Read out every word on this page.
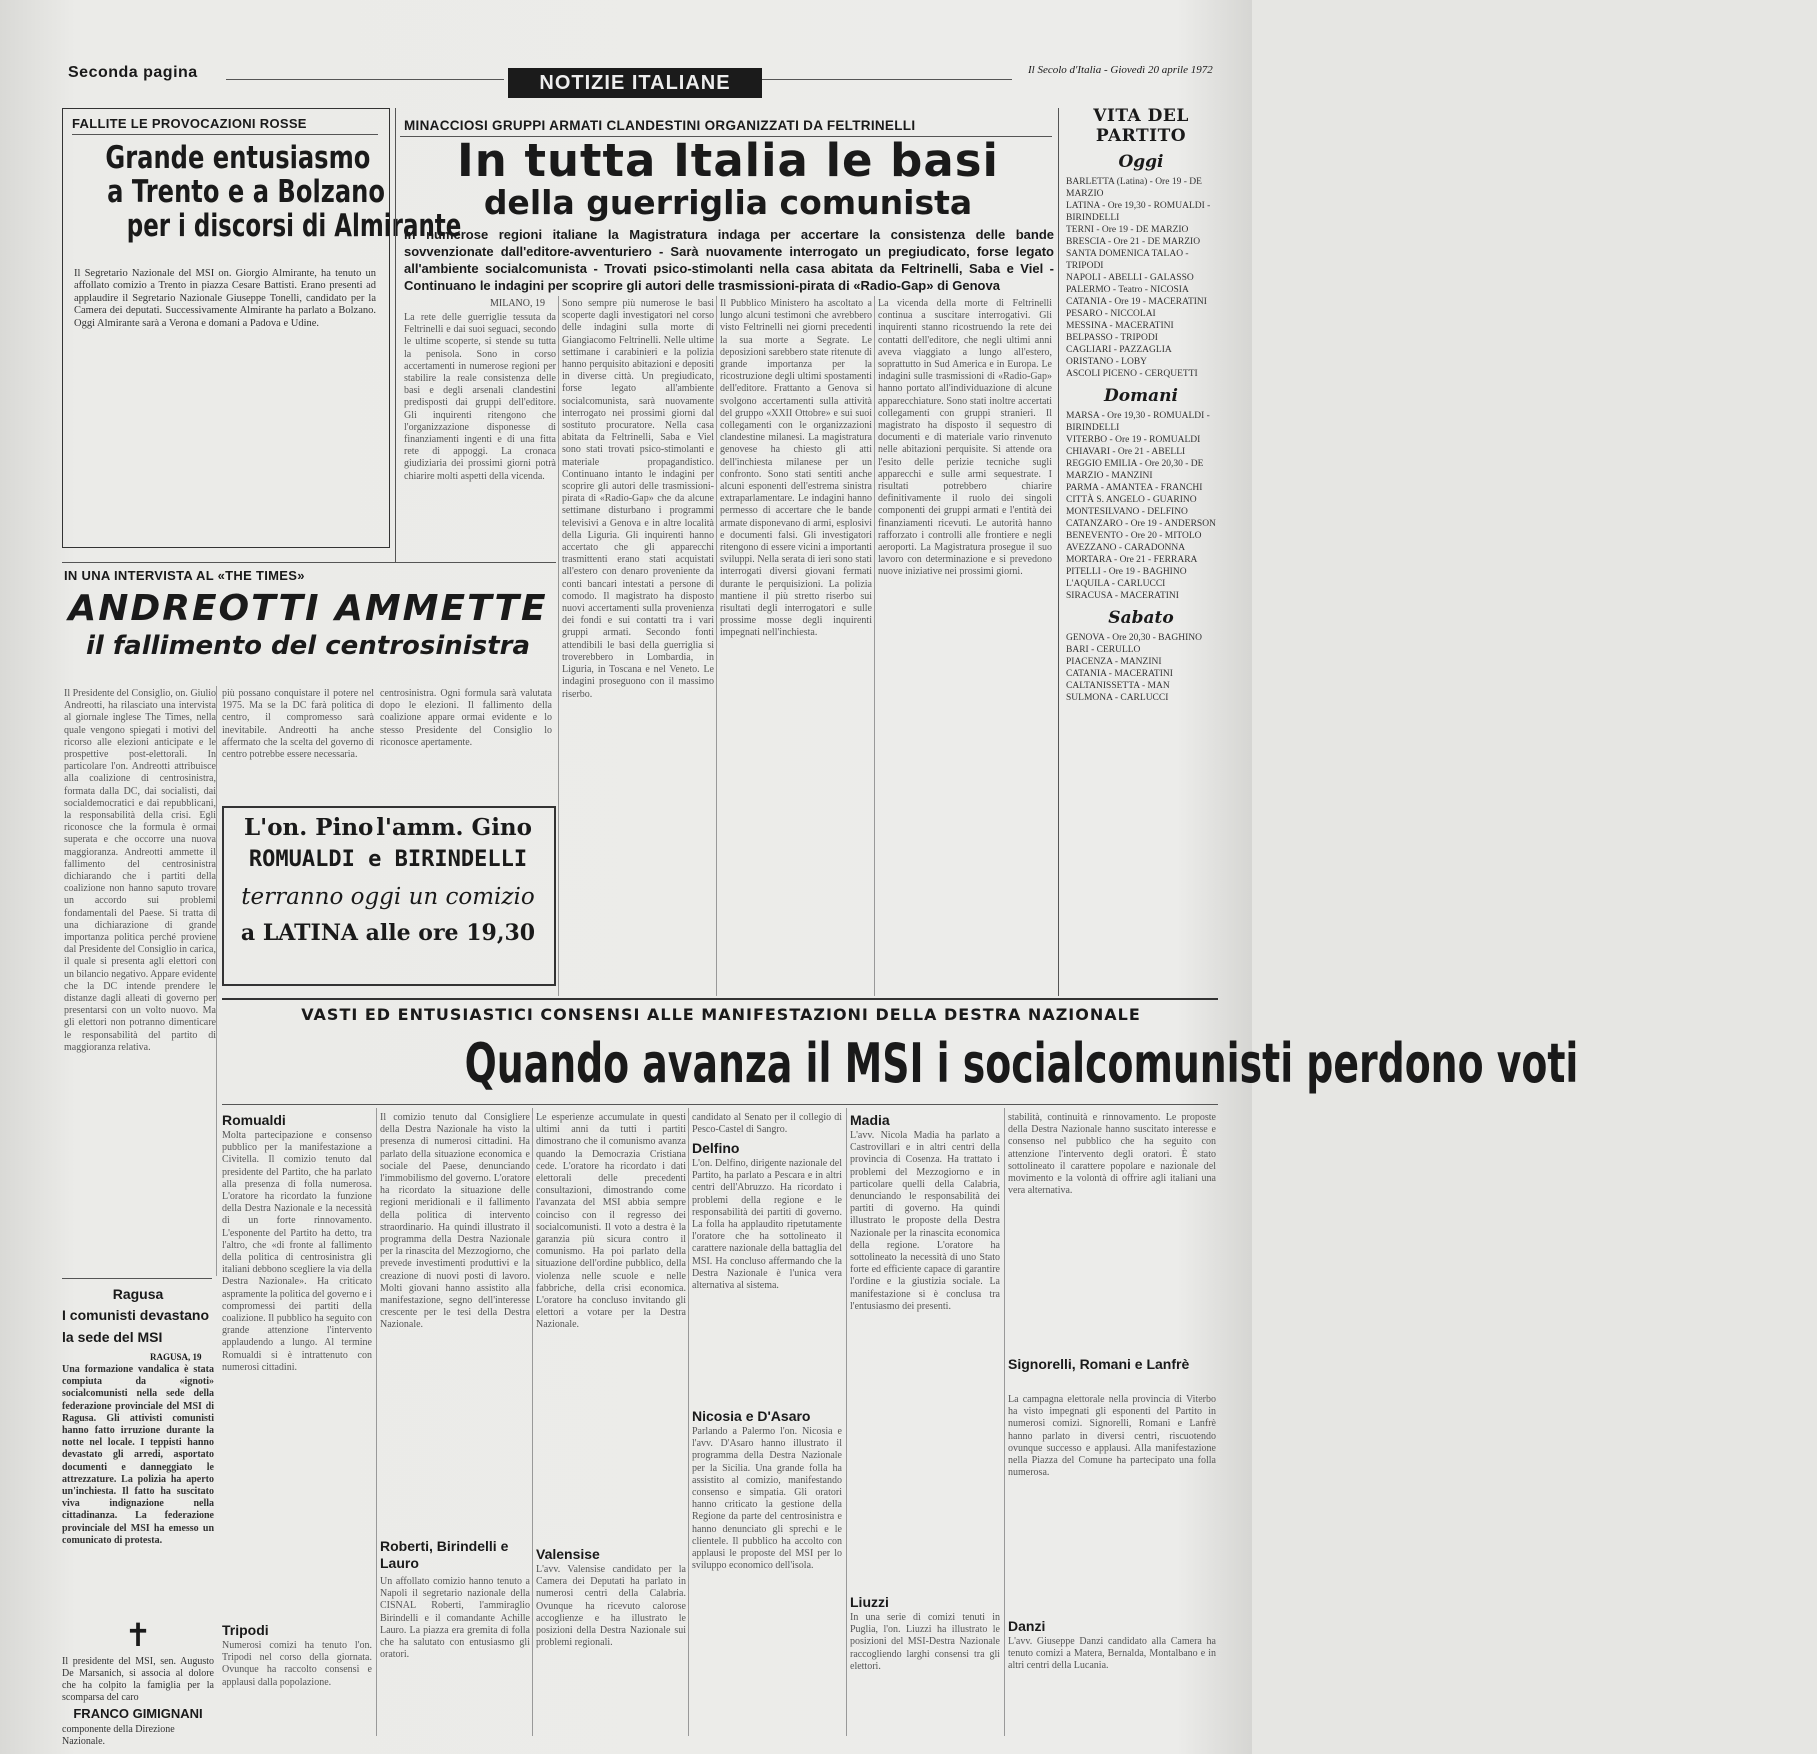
Seconda pagina	NOTIZIE ITALIANE
Il Secolo d'Italia - Giovedì 20 aprile 1972
FALLITE LE PROVOCAZIONI ROSSE
Grande entusiasmo
a Trento e a Bolzano
per i discorsi di Almirante
Il Segretario Nazionale del MSI on. Giorgio Almirante, ha tenuto un affollato comizio a Trento in piazza Cesare Battisti. Erano presenti ad applaudire il Segretario Nazionale Giuseppe Tonelli, candidato per la Camera dei deputati. Successivamente Almirante ha parlato a Bolzano. Oggi Almirante sarà a Verona e domani a Padova e Udine.
MINACCIOSI GRUPPI ARMATI CLANDESTINI ORGANIZZATI DA FELTRINELLI
In tutta Italia le basi
della guerriglia comunista
In numerose regioni italiane la Magistratura indaga per accertare la consistenza delle bande sovvenzionate dall'editore-avventuriero - Sarà nuovamente interrogato un pregiudicato, forse legato all'ambiente socialcomunista - Trovati psico-stimolanti nella casa abitata da Feltrinelli, Saba e Viel - Continuano le indagini per scoprire gli autori delle trasmissioni-pirata di «Radio-Gap» di Genova
MILANO, 19
La rete delle guerriglie tessuta da Feltrinelli e dai suoi seguaci, secondo le ultime scoperte, si stende su tutta la penisola. Sono in corso accertamenti in numerose regioni per stabilire la reale consistenza delle basi e degli arsenali clandestini predisposti dai gruppi dell'editore. Gli inquirenti ritengono che l'organizzazione disponesse di finanziamenti ingenti e di una fitta rete di appoggi. La cronaca giudiziaria dei prossimi giorni potrà chiarire molti aspetti della vicenda.
Sono sempre più numerose le basi scoperte dagli investigatori nel corso delle indagini sulla morte di Giangiacomo Feltrinelli. Nelle ultime settimane i carabinieri e la polizia hanno perquisito abitazioni e depositi in diverse città. Un pregiudicato, forse legato all'ambiente socialcomunista, sarà nuovamente interrogato nei prossimi giorni dal sostituto procuratore. Nella casa abitata da Feltrinelli, Saba e Viel sono stati trovati psico-stimolanti e materiale propagandistico. Continuano intanto le indagini per scoprire gli autori delle trasmissioni-pirata di «Radio-Gap» che da alcune settimane disturbano i programmi televisivi a Genova e in altre località della Liguria. Gli inquirenti hanno accertato che gli apparecchi trasmittenti erano stati acquistati all'estero con denaro proveniente da conti bancari intestati a persone di comodo. Il magistrato ha disposto nuovi accertamenti sulla provenienza dei fondi e sui contatti tra i vari gruppi armati. Secondo fonti attendibili le basi della guerriglia si troverebbero in Lombardia, in Liguria, in Toscana e nel Veneto. Le indagini proseguono con il massimo riserbo.
Il Pubblico Ministero ha ascoltato a lungo alcuni testimoni che avrebbero visto Feltrinelli nei giorni precedenti la sua morte a Segrate. Le deposizioni sarebbero state ritenute di grande importanza per la ricostruzione degli ultimi spostamenti dell'editore. Frattanto a Genova si svolgono accertamenti sulla attività del gruppo «XXII Ottobre» e sui suoi collegamenti con le organizzazioni clandestine milanesi. La magistratura genovese ha chiesto gli atti dell'inchiesta milanese per un confronto. Sono stati sentiti anche alcuni esponenti dell'estrema sinistra extraparlamentare. Le indagini hanno permesso di accertare che le bande armate disponevano di armi, esplosivi e documenti falsi. Gli investigatori ritengono di essere vicini a importanti sviluppi. Nella serata di ieri sono stati interrogati diversi giovani fermati durante le perquisizioni. La polizia mantiene il più stretto riserbo sui risultati degli interrogatori e sulle prossime mosse degli inquirenti impegnati nell'inchiesta.
La vicenda della morte di Feltrinelli continua a suscitare interrogativi. Gli inquirenti stanno ricostruendo la rete dei contatti dell'editore, che negli ultimi anni aveva viaggiato a lungo all'estero, soprattutto in Sud America e in Europa. Le indagini sulle trasmissioni di «Radio-Gap» hanno portato all'individuazione di alcune apparecchiature. Sono stati inoltre accertati collegamenti con gruppi stranieri. Il magistrato ha disposto il sequestro di documenti e di materiale vario rinvenuto nelle abitazioni perquisite. Si attende ora l'esito delle perizie tecniche sugli apparecchi e sulle armi sequestrate. I risultati potrebbero chiarire definitivamente il ruolo dei singoli componenti dei gruppi armati e l'entità dei finanziamenti ricevuti. Le autorità hanno rafforzato i controlli alle frontiere e negli aeroporti. La Magistratura prosegue il suo lavoro con determinazione e si prevedono nuove iniziative nei prossimi giorni.
IN UNA INTERVISTA AL «THE TIMES»
ANDREOTTI AMMETTE
il fallimento del centrosinistra
Il Presidente del Consiglio, on. Giulio Andreotti, ha rilasciato una intervista al giornale inglese The Times, nella quale vengono spiegati i motivi del ricorso alle elezioni anticipate e le prospettive post-elettorali. In particolare l'on. Andreotti attribuisce alla coalizione di centrosinistra, formata dalla DC, dai socialisti, dai socialdemocratici e dai repubblicani, la responsabilità della crisi. Egli riconosce che la formula è ormai superata e che occorre una nuova maggioranza. Andreotti ammette il fallimento del centrosinistra dichiarando che i partiti della coalizione non hanno saputo trovare un accordo sui problemi fondamentali del Paese. Si tratta di una dichiarazione di grande importanza politica perché proviene dal Presidente del Consiglio in carica, il quale si presenta agli elettori con un bilancio negativo. Appare evidente che la DC intende prendere le distanze dagli alleati di governo per presentarsi con un volto nuovo. Ma gli elettori non potranno dimenticare le responsabilità del partito di maggioranza relativa.
più possano conquistare il potere nel 1975. Ma se la DC farà politica di centro, il compromesso sarà inevitabile. Andreotti ha anche affermato che la scelta del governo di centro potrebbe essere necessaria.
centrosinistra. Ogni formula sarà valutata dopo le elezioni. Il fallimento della coalizione appare ormai evidente e lo stesso Presidente del Consiglio lo riconosce apertamente.
L'on. Pino l'amm. Gino
ROMUALDI e BIRINDELLI
terranno oggi un comizio
a LATINA alle ore 19,30
VITA DEL PARTITO
Oggi
BARLETTA (Latina) - Ore 19 - DE MARZIO
LATINA - Ore 19,30 - ROMUALDI - BIRINDELLI
TERNI - Ore 19 - DE MARZIO
BRESCIA - Ore 21 - DE MARZIO
SANTA DOMENICA TALAO - TRIPODI
NAPOLI - ABELLI - GALASSO
PALERMO - Teatro - NICOSIA
CATANIA - Ore 19 - MACERATINI
PESARO - NICCOLAI
MESSINA - MACERATINI
BELPASSO - TRIPODI
CAGLIARI - PAZZAGLIA
ORISTANO - LOBY
ASCOLI PICENO - CERQUETTI
Domani
MARSA - Ore 19,30 - ROMUALDI - BIRINDELLI
VITERBO - Ore 19 - ROMUALDI
CHIAVARI - Ore 21 - ABELLI
REGGIO EMILIA - Ore 20,30 - DE MARZIO - MANZINI
PARMA - AMANTEA - FRANCHI
CITTÀ S. ANGELO - GUARINO
MONTESILVANO - DELFINO
CATANZARO - Ore 19 - ANDERSON
BENEVENTO - Ore 20 - MITOLO
AVEZZANO - CARADONNA
MORTARA - Ore 21 - FERRARA
PITELLI - Ore 19 - BAGHINO
L'AQUILA - CARLUCCI
SIRACUSA - MACERATINI
Sabato
GENOVA - Ore 20,30 - BAGHINO
BARI - CERULLO
PIACENZA - MANZINI
CATANIA - MACERATINI
CALTANISSETTA - MAN
SULMONA - CARLUCCI
VASTI ED ENTUSIASTICI CONSENSI ALLE MANIFESTAZIONI DELLA DESTRA NAZIONALE
Quando avanza il MSI i socialcomunisti perdono voti
Romualdi
Molta partecipazione e consenso pubblico per la manifestazione a Civitella. Il comizio tenuto dal presidente del Partito, che ha parlato alla presenza di folla numerosa. L'oratore ha ricordato la funzione della Destra Nazionale e la necessità di un forte rinnovamento. L'esponente del Partito ha detto, tra l'altro, che «di fronte al fallimento della politica di centrosinistra gli italiani debbono scegliere la via della Destra Nazionale». Ha criticato aspramente la politica del governo e i compromessi dei partiti della coalizione. Il pubblico ha seguito con grande attenzione l'intervento applaudendo a lungo. Al termine Romualdi si è intrattenuto con numerosi cittadini.
Tripodi
Numerosi comizi ha tenuto l'on. Tripodi nel corso della giornata. Ovunque ha raccolto consensi e applausi dalla popolazione.
Il comizio tenuto dal Consigliere della Destra Nazionale ha visto la presenza di numerosi cittadini. Ha parlato della situazione economica e sociale del Paese, denunciando l'immobilismo del governo. L'oratore ha ricordato la situazione delle regioni meridionali e il fallimento della politica di intervento straordinario. Ha quindi illustrato il programma della Destra Nazionale per la rinascita del Mezzogiorno, che prevede investimenti produttivi e la creazione di nuovi posti di lavoro. Molti giovani hanno assistito alla manifestazione, segno dell'interesse crescente per le tesi della Destra Nazionale.
Roberti, Birindelli e Lauro
Un affollato comizio hanno tenuto a Napoli il segretario nazionale della CISNAL Roberti, l'ammiraglio Birindelli e il comandante Achille Lauro. La piazza era gremita di folla che ha salutato con entusiasmo gli oratori.
Le esperienze accumulate in questi ultimi anni da tutti i partiti dimostrano che il comunismo avanza quando la Democrazia Cristiana cede. L'oratore ha ricordato i dati elettorali delle precedenti consultazioni, dimostrando come l'avanzata del MSI abbia sempre coinciso con il regresso dei socialcomunisti. Il voto a destra è la garanzia più sicura contro il comunismo. Ha poi parlato della situazione dell'ordine pubblico, della violenza nelle scuole e nelle fabbriche, della crisi economica. L'oratore ha concluso invitando gli elettori a votare per la Destra Nazionale.
Valensise
L'avv. Valensise candidato per la Camera dei Deputati ha parlato in numerosi centri della Calabria. Ovunque ha ricevuto calorose accoglienze e ha illustrato le posizioni della Destra Nazionale sui problemi regionali.
candidato al Senato per il collegio di Pesco-Castel di Sangro.
Delfino
L'on. Delfino, dirigente nazionale del Partito, ha parlato a Pescara e in altri centri dell'Abruzzo. Ha ricordato i problemi della regione e le responsabilità dei partiti di governo. La folla ha applaudito ripetutamente l'oratore che ha sottolineato il carattere nazionale della battaglia del MSI. Ha concluso affermando che la Destra Nazionale è l'unica vera alternativa al sistema.
Nicosia e D'Asaro
Parlando a Palermo l'on. Nicosia e l'avv. D'Asaro hanno illustrato il programma della Destra Nazionale per la Sicilia. Una grande folla ha assistito al comizio, manifestando consenso e simpatia. Gli oratori hanno criticato la gestione della Regione da parte del centrosinistra e hanno denunciato gli sprechi e le clientele. Il pubblico ha accolto con applausi le proposte del MSI per lo sviluppo economico dell'isola.
Madia
L'avv. Nicola Madia ha parlato a Castrovillari e in altri centri della provincia di Cosenza. Ha trattato i problemi del Mezzogiorno e in particolare quelli della Calabria, denunciando le responsabilità dei partiti di governo. Ha quindi illustrato le proposte della Destra Nazionale per la rinascita economica della regione. L'oratore ha sottolineato la necessità di uno Stato forte ed efficiente capace di garantire l'ordine e la giustizia sociale. La manifestazione si è conclusa tra l'entusiasmo dei presenti.
Liuzzi
In una serie di comizi tenuti in Puglia, l'on. Liuzzi ha illustrato le posizioni del MSI-Destra Nazionale raccogliendo larghi consensi tra gli elettori.
stabilità, continuità e rinnovamento. Le proposte della Destra Nazionale hanno suscitato interesse e consenso nel pubblico che ha seguito con attenzione l'intervento degli oratori. È stato sottolineato il carattere popolare e nazionale del movimento e la volontà di offrire agli italiani una vera alternativa.
Signorelli, Romani e Lanfrè
La campagna elettorale nella provincia di Viterbo ha visto impegnati gli esponenti del Partito in numerosi comizi. Signorelli, Romani e Lanfrè hanno parlato in diversi centri, riscuotendo ovunque successo e applausi. Alla manifestazione nella Piazza del Comune ha partecipato una folla numerosa.
Danzi
L'avv. Giuseppe Danzi candidato alla Camera ha tenuto comizi a Matera, Bernalda, Montalbano e in altri centri della Lucania.
Ragusa
I comunisti devastano
la sede del MSI
RAGUSA, 19
Una formazione vandalica è stata compiuta da «ignoti» socialcomunisti nella sede della federazione provinciale del MSI di Ragusa. Gli attivisti comunisti hanno fatto irruzione durante la notte nel locale. I teppisti hanno devastato gli arredi, asportato documenti e danneggiato le attrezzature. La polizia ha aperto un'inchiesta. Il fatto ha suscitato viva indignazione nella cittadinanza. La federazione provinciale del MSI ha emesso un comunicato di protesta.
✝
Il presidente del MSI, sen. Augusto De Marsanich, si associa al dolore che ha colpito la famiglia per la scomparsa del caro
FRANCO GIMIGNANI
componente della Direzione Nazionale.
